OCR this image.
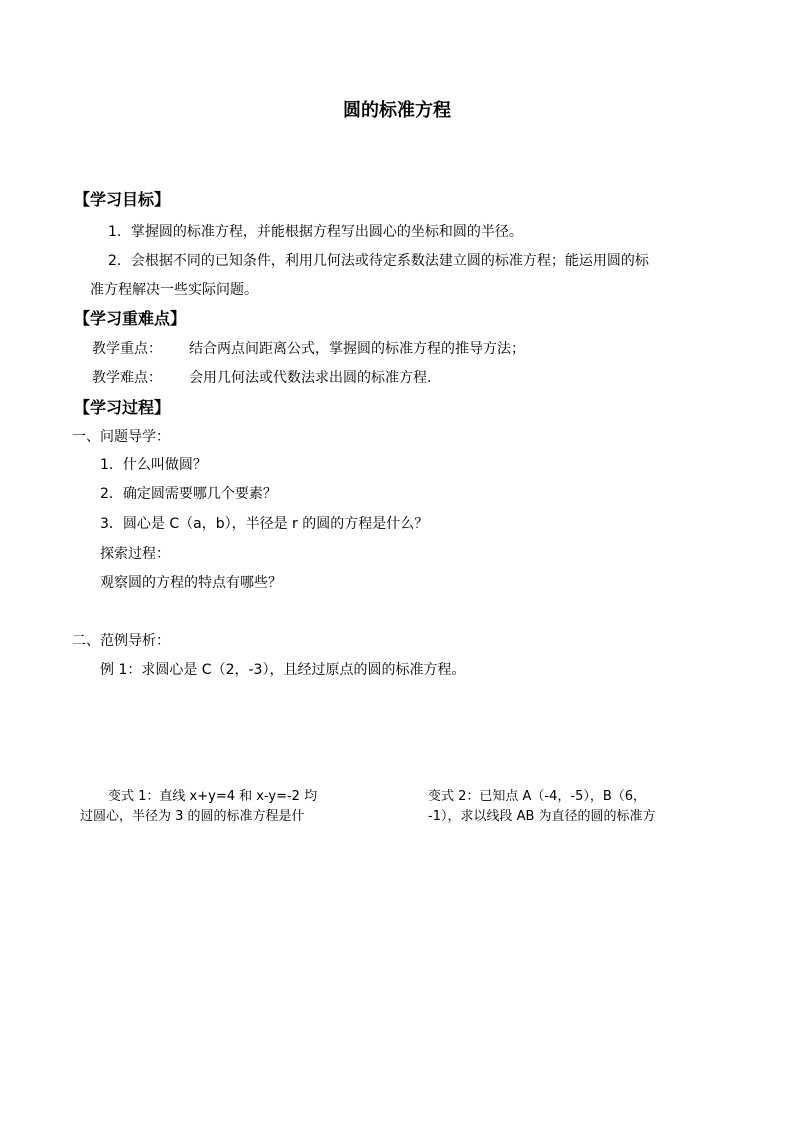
圆的标准方程
【学习目标】
1．掌握圆的标准方程，并能根据方程写出圆心的坐标和圆的半径。
2．会根据不同的已知条件，利用几何法或待定系数法建立圆的标准方程；能运用圆的标
准方程解决一些实际问题。
【学习重难点】
教学重点： 结合两点间距离公式，掌握圆的标准方程的推导方法；
教学难点： 会用几何法或代数法求出圆的标准方程.
【学习过程】
一、问题导学：
1．什么叫做圆？
2．确定圆需要哪几个要素？
3．圆心是 C（a，b），半径是 r 的圆的方程是什么？
探索过程：
观察圆的方程的特点有哪些？
二、范例导析：
例 1：求圆心是 C（2，-3），且经过原点的圆的标准方程。
变式 1：直线 x+y=4 和 x-y=-2 均
过圆心，半径为 3 的圆的标准方程是什
变式 2：已知点 A（-4，-5），B（6，
-1），求以线段 AB 为直径的圆的标准方
